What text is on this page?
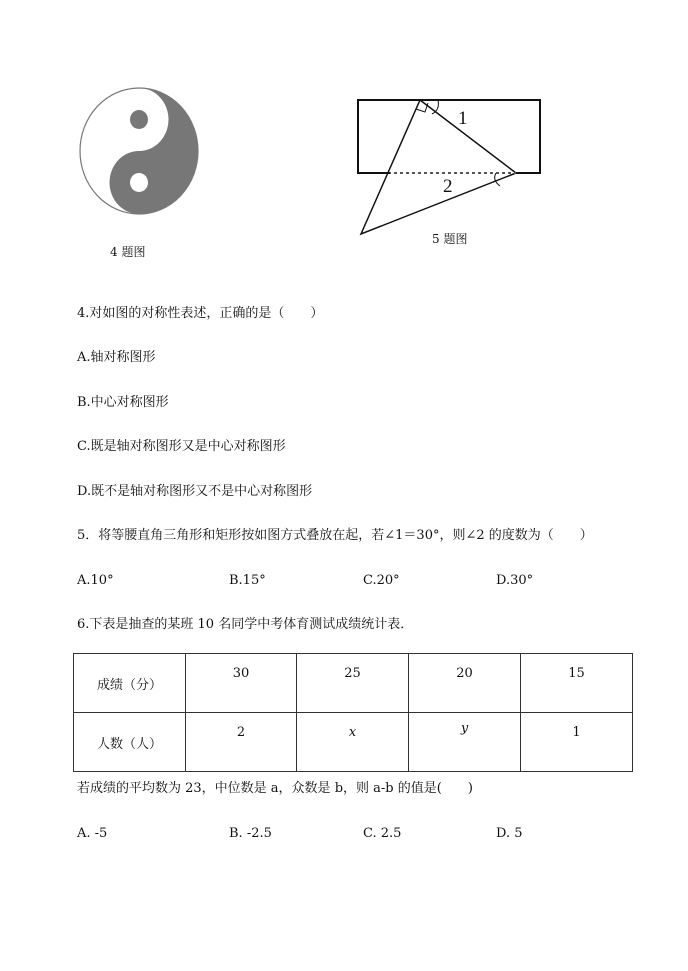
4 题图
1
2
5 题图
4.对如图的对称性表述，正确的是（　　）
A.轴对称图形
B.中心对称图形
C.既是轴对称图形又是中心对称图形
D.既不是轴对称图形又不是中心对称图形
5．将等腰直角三角形和矩形按如图方式叠放在起，若∠1＝30°，则∠2 的度数为（　　）
A.10°	B.15°	C.20°	D.30°
6.下表是抽查的某班 10 名同学中考体育测试成绩统计表．
成绩（分）	30	25	20	15
人数（人）	2	x	y	1
若成绩的平均数为 23，中位数是 a，众数是 b，则 a-b 的值是(　　)
A. -5	B. -2.5	C. 2.5	D. 5
